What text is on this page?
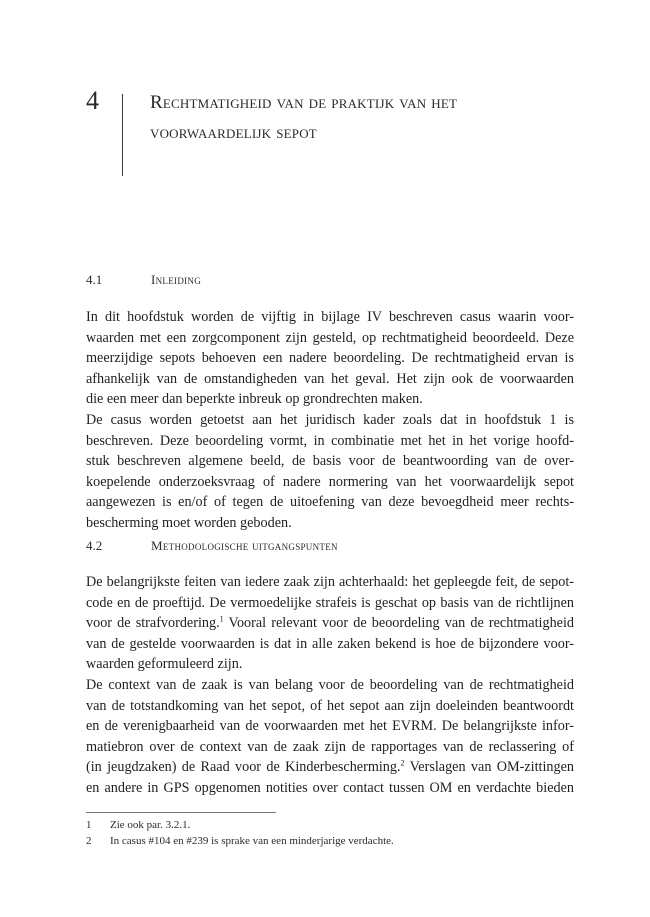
4	Rechtmatigheid van de praktijk van het
voorwaardelijk sepot
4.1	Inleiding

In dit hoofdstuk worden de vijftig in bijlage IV beschreven casus waarin voor-
waarden met een zorgcomponent zijn gesteld, op rechtmatigheid beoordeeld. Deze
meerzijdige sepots behoeven een nadere beoordeling. De rechtmatigheid ervan is
afhankelijk van de omstandigheden van het geval. Het zijn ook de voorwaarden
die een meer dan beperkte inbreuk op grondrechten maken.

De casus worden getoetst aan het juridisch kader zoals dat in hoofdstuk 1 is
beschreven. Deze beoordeling vormt, in combinatie met het in het vorige hoofd-
stuk beschreven algemene beeld, de basis voor de beantwoording van de over-
koepelende onderzoeksvraag of nadere normering van het voorwaardelijk sepot
aangewezen is en/of of tegen de uitoefening van deze bevoegdheid meer rechts-
bescherming moet worden geboden.

4.2	Methodologische uitgangspunten

De belangrijkste feiten van iedere zaak zijn achterhaald: het gepleegde feit, de sepot-
code en de proeftijd. De vermoedelijke strafeis is geschat op basis van de richtlijnen
voor de strafvordering.$^1$ Vooral relevant voor de beoordeling van de rechtmatigheid
van de gestelde voorwaarden is dat in alle zaken bekend is hoe de bijzondere voor-
waarden geformuleerd zijn.

De context van de zaak is van belang voor de beoordeling van de rechtmatigheid
van de totstandkoming van het sepot, of het sepot aan zijn doeleinden beantwoordt
en de verenigbaarheid van de voorwaarden met het EVRM. De belangrijkste infor-
matiebron over de context van de zaak zijn de rapportages van de reclassering of
(in jeugdzaken) de Raad voor de Kinderbescherming.$^2$ Verslagen van OM-zittingen
en andere in GPS opgenomen notities over contact tussen OM en verdachte bieden

1 Zie ook par. 3.2.1.
2 In casus #104 en #239 is sprake van een minderjarige verdachte.
